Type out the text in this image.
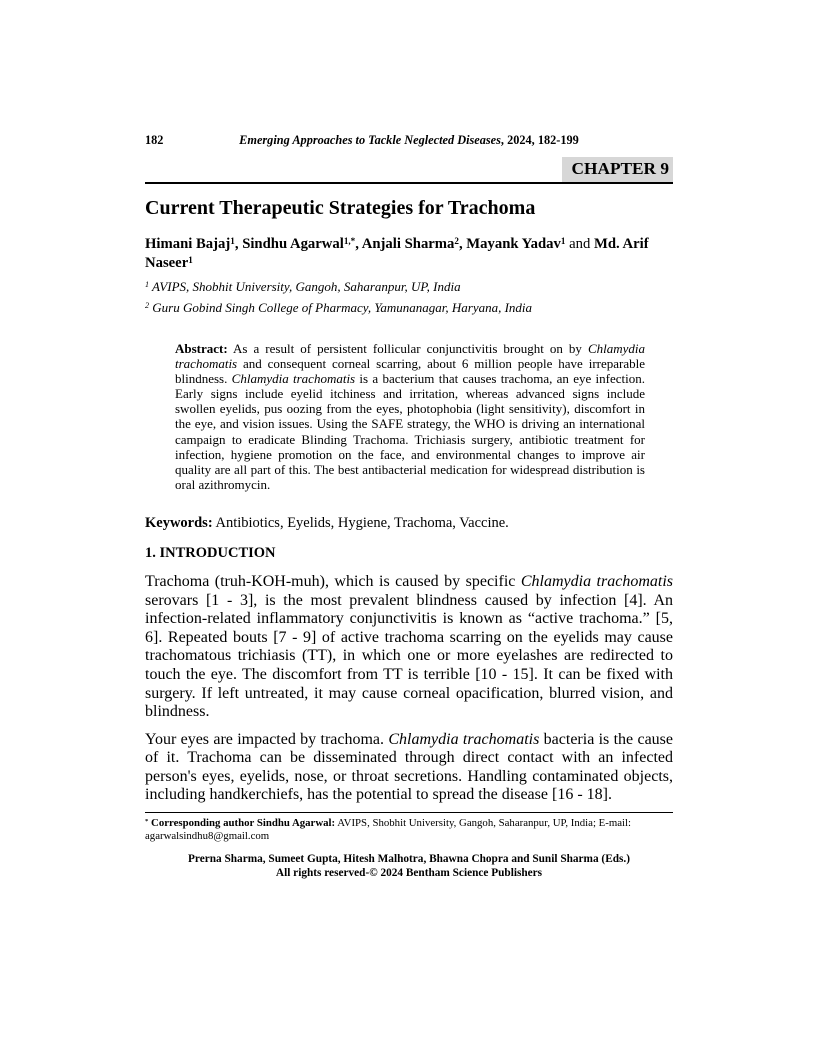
182	Emerging Approaches to Tackle Neglected Diseases, 2024, 182-199
CHAPTER 9
Current Therapeutic Strategies for Trachoma

Himani Bajaj$^1$, Sindhu Agarwal$^{1,*}$, Anjali Sharma$^2$, Mayank Yadav$^1$ and Md. Arif Naseer$^1$

$^1$ AVIPS, Shobhit University, Gangoh, Saharanpur, UP, India

$^2$ Guru Gobind Singh College of Pharmacy, Yamunanagar, Haryana, India

Abstract: As a result of persistent follicular conjunctivitis brought on by Chlamydia trachomatis and consequent corneal scarring, about 6 million people have irreparable blindness. Chlamydia trachomatis is a bacterium that causes trachoma, an eye infection. Early signs include eyelid itchiness and irritation, whereas advanced signs include swollen eyelids, pus oozing from the eyes, photophobia (light sensitivity), discomfort in the eye, and vision issues. Using the SAFE strategy, the WHO is driving an international campaign to eradicate Blinding Trachoma. Trichiasis surgery, antibiotic treatment for infection, hygiene promotion on the face, and environmental changes to improve air quality are all part of this. The best antibacterial medication for widespread distribution is oral azithromycin.

Keywords: Antibiotics, Eyelids, Hygiene, Trachoma, Vaccine.

1. INTRODUCTION

Trachoma (truh-KOH-muh), which is caused by specific Chlamydia trachomatis serovars [1 - 3], is the most prevalent blindness caused by infection [4]. An infection-related inflammatory conjunctivitis is known as “active trachoma.” [5, 6]. Repeated bouts [7 - 9] of active trachoma scarring on the eyelids may cause trachomatous trichiasis (TT), in which one or more eyelashes are redirected to touch the eye. The discomfort from TT is terrible [10 - 15]. It can be fixed with surgery. If left untreated, it may cause corneal opacification, blurred vision, and blindness.

Your eyes are impacted by trachoma. Chlamydia trachomatis bacteria is the cause of it. Trachoma can be disseminated through direct contact with an infected person's eyes, eyelids, nose, or throat secretions. Handling contaminated objects, including handkerchiefs, has the potential to spread the disease [16 - 18].

* Corresponding author Sindhu Agarwal: AVIPS, Shobhit University, Gangoh, Saharanpur, UP, India; E-mail: agarwalsindhu8@gmail.com

Prerna Sharma, Sumeet Gupta, Hitesh Malhotra, Bhawna Chopra and Sunil Sharma (Eds.)

All rights reserved-© 2024 Bentham Science Publishers
